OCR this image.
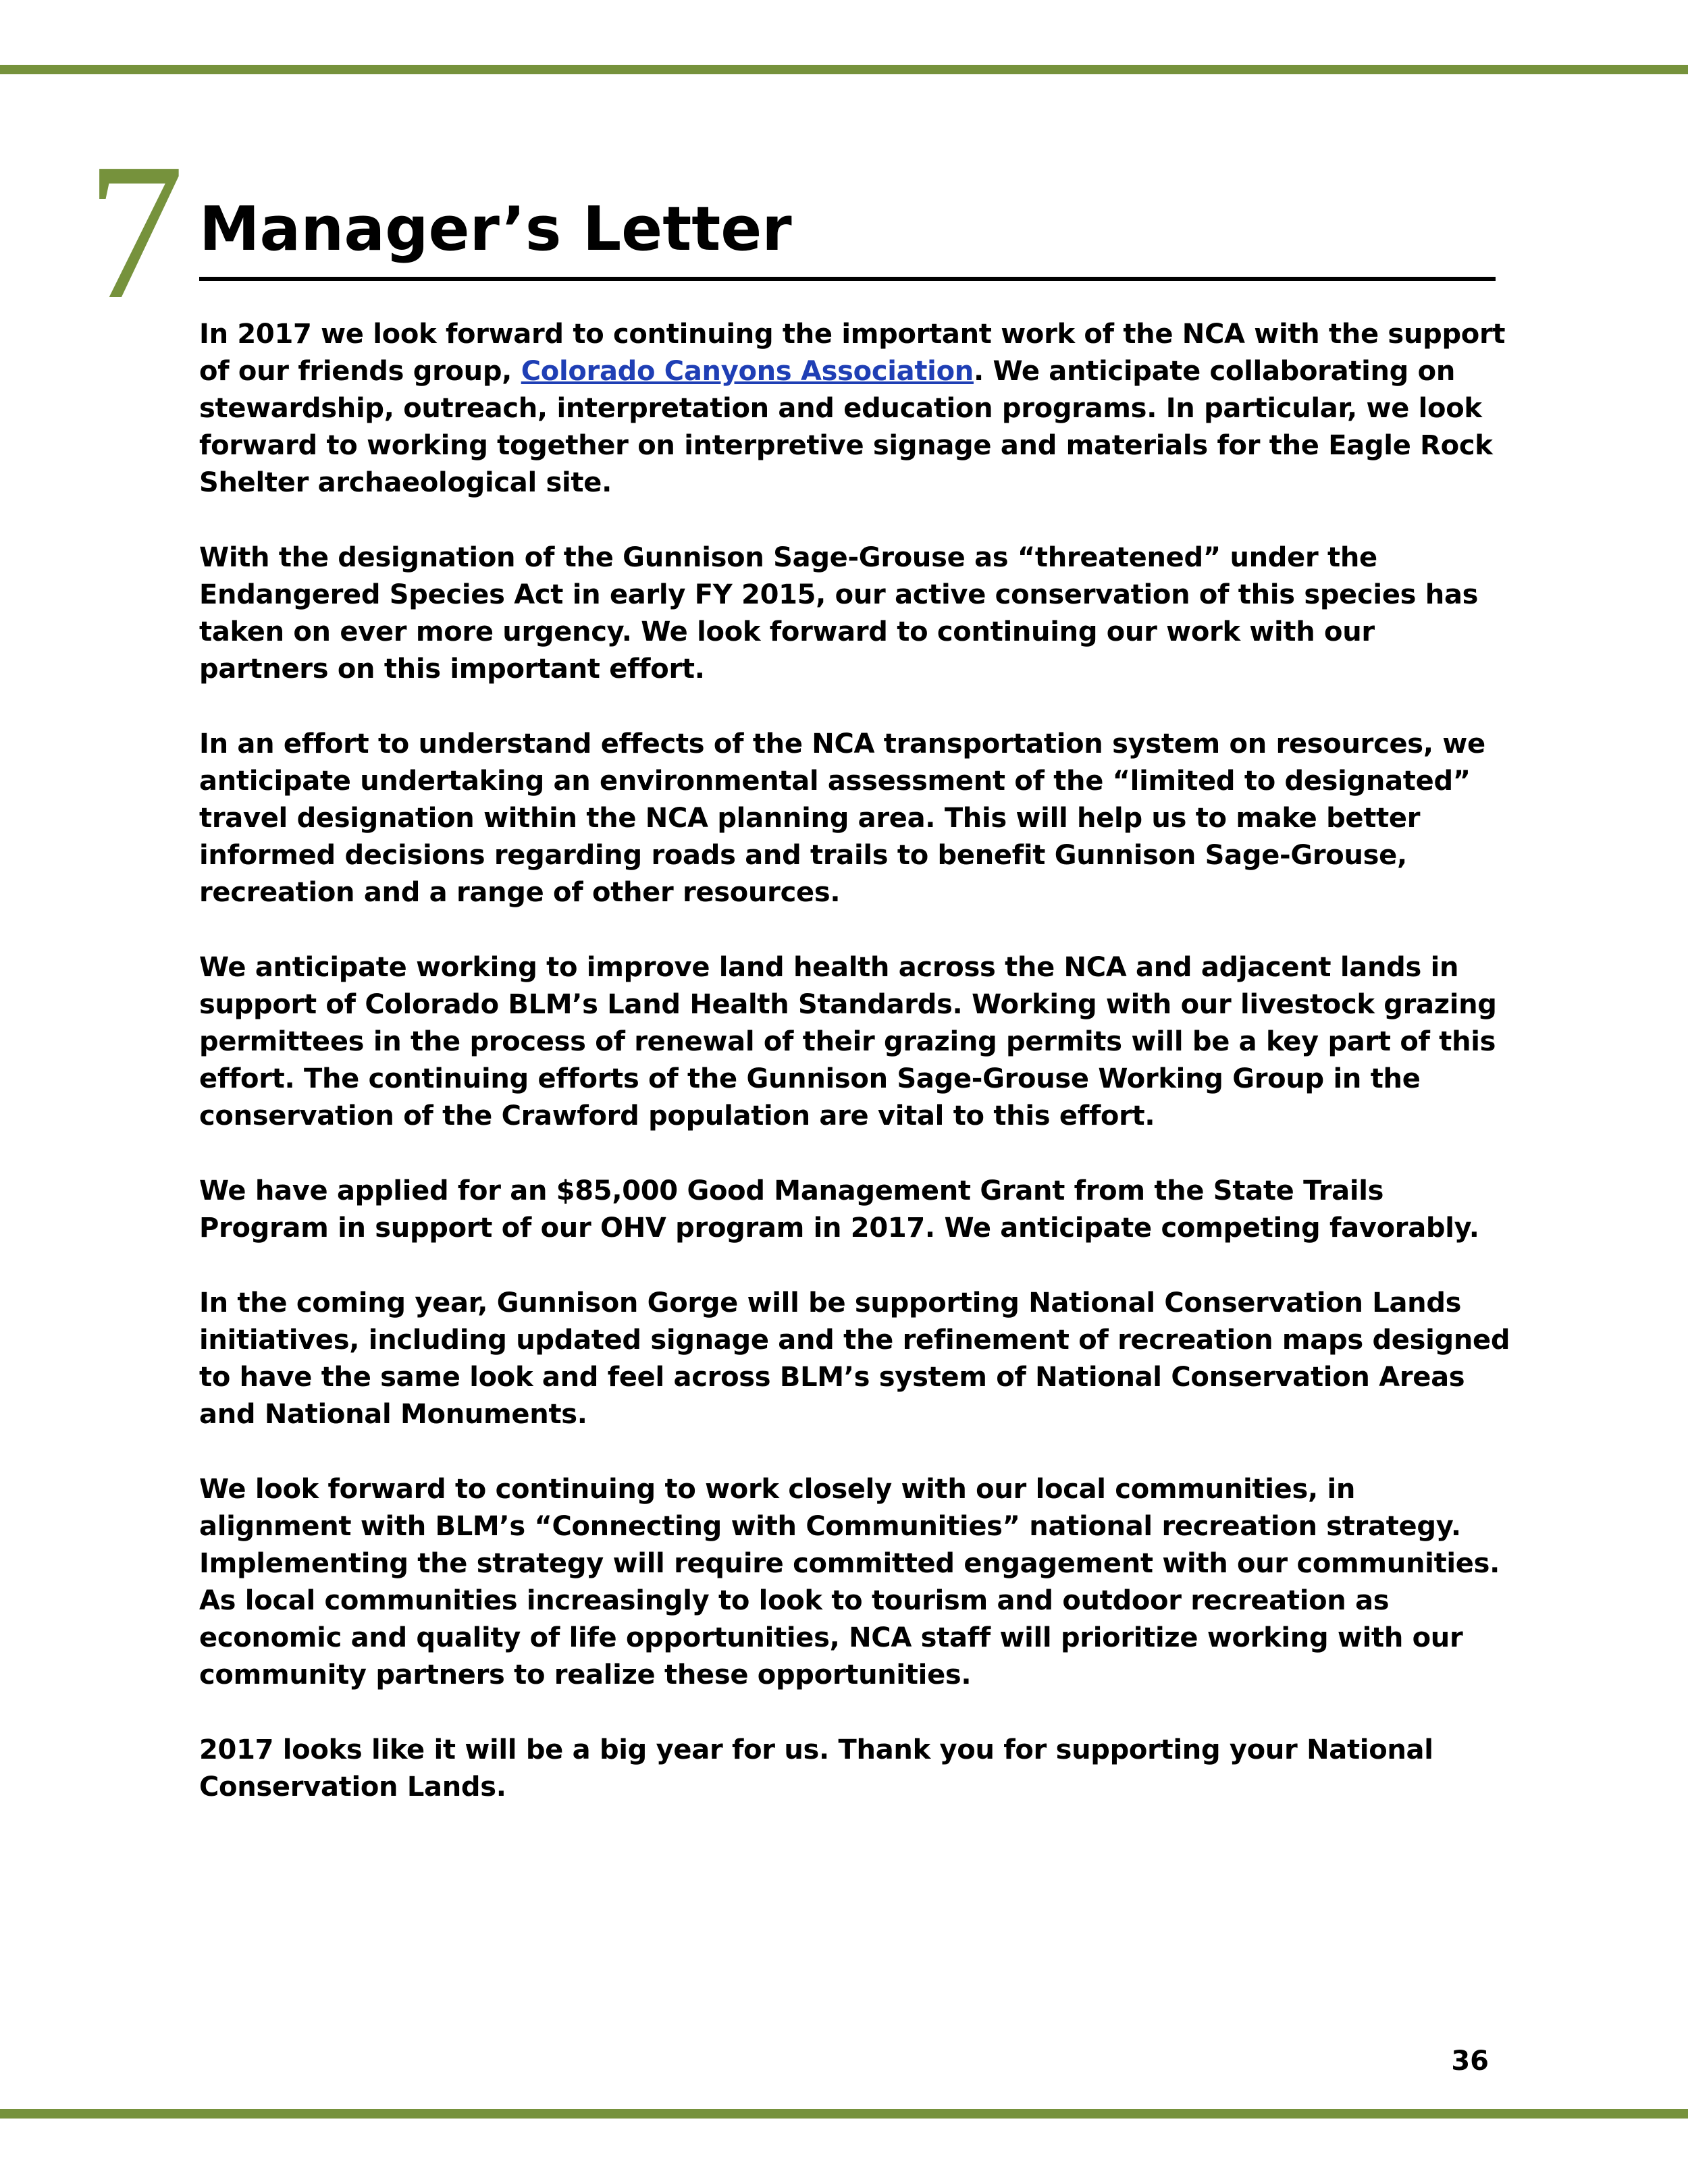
7 Manager’s Letter

In 2017 we look forward to continuing the important work of the NCA with the support of our friends group, Colorado Canyons Association. We anticipate collaborating on stewardship, outreach, interpretation and education programs. In particular, we look forward to working together on interpretive signage and materials for the Eagle Rock Shelter archaeological site.

With the designation of the Gunnison Sage-Grouse as “threatened” under the Endangered Species Act in early FY 2015, our active conservation of this species has taken on ever more urgency. We look forward to continuing our work with our partners on this important effort.

In an effort to understand effects of the NCA transportation system on resources, we anticipate undertaking an environmental assessment of the “limited to designated” travel designation within the NCA planning area. This will help us to make better informed decisions regarding roads and trails to benefit Gunnison Sage-Grouse, recreation and a range of other resources.

We anticipate working to improve land health across the NCA and adjacent lands in support of Colorado BLM’s Land Health Standards. Working with our livestock grazing permittees in the process of renewal of their grazing permits will be a key part of this effort. The continuing efforts of the Gunnison Sage-Grouse Working Group in the conservation of the Crawford population are vital to this effort.

We have applied for an $85,000 Good Management Grant from the State Trails Program in support of our OHV program in 2017. We anticipate competing favorably.

In the coming year, Gunnison Gorge will be supporting National Conservation Lands initiatives, including updated signage and the refinement of recreation maps designed to have the same look and feel across BLM’s system of National Conservation Areas and National Monuments.

We look forward to continuing to work closely with our local communities, in alignment with BLM’s “Connecting with Communities” national recreation strategy. Implementing the strategy will require committed engagement with our communities. As local communities increasingly to look to tourism and outdoor recreation as economic and quality of life opportunities, NCA staff will prioritize working with our community partners to realize these opportunities.

2017 looks like it will be a big year for us. Thank you for supporting your National Conservation Lands.

36
